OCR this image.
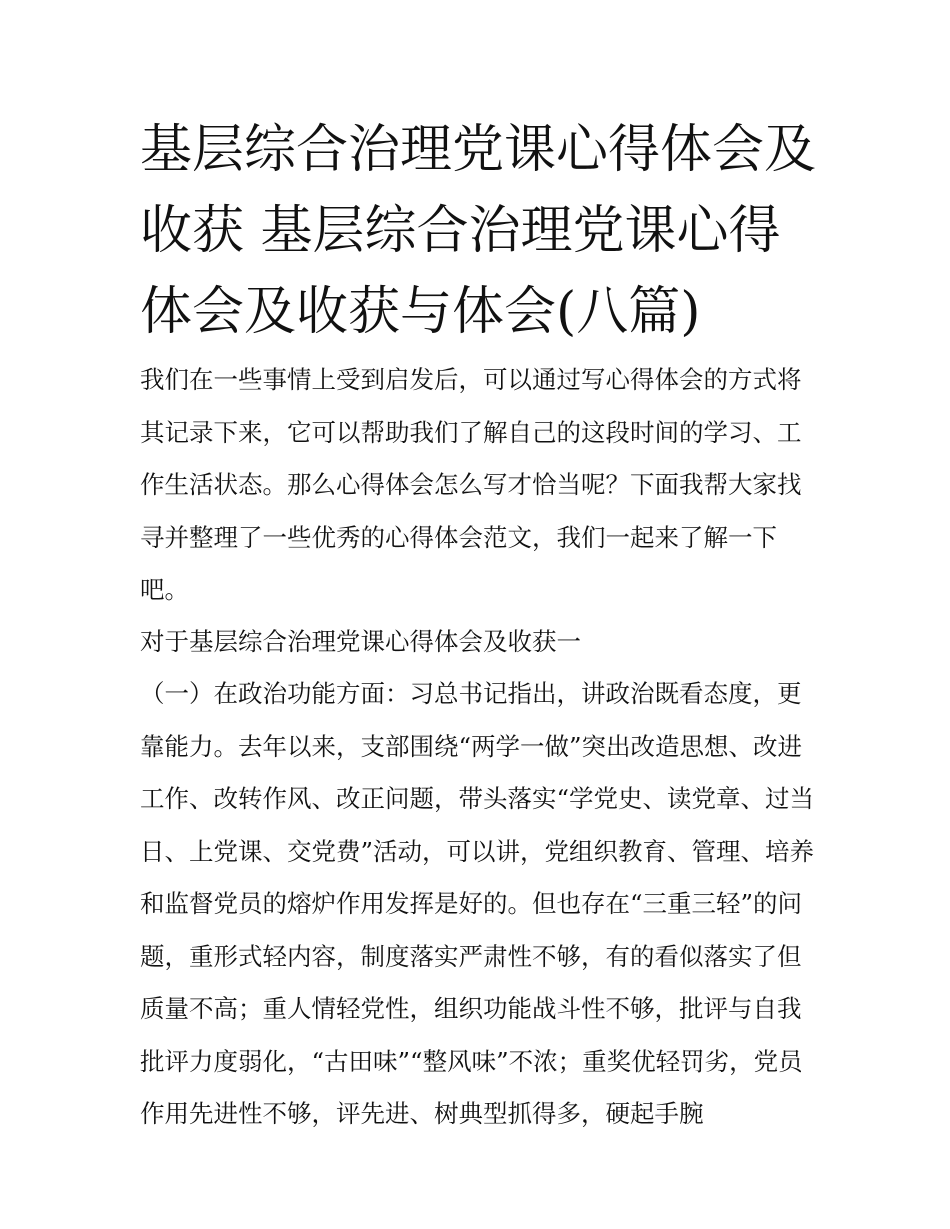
基层综合治理党课心得体会及收获 基层综合治理党课心得体会及收获与体会(八篇)

我们在一些事情上受到启发后，可以通过写心得体会的方式将其记录下来，它可以帮助我们了解自己的这段时间的学习、工作生活状态。那么心得体会怎么写才恰当呢？下面我帮大家找寻并整理了一些优秀的心得体会范文，我们一起来了解一下吧。

对于基层综合治理党课心得体会及收获一

（一）在政治功能方面：习总书记指出，讲政治既看态度，更靠能力。去年以来，支部围绕“两学一做”突出改造思想、改进工作、改转作风、改正问题，带头落实“学党史、读党章、过当日、上党课、交党费”活动，可以讲，党组织教育、管理、培养和监督党员的熔炉作用发挥是好的。但也存在“三重三轻”的问题，重形式轻内容，制度落实严肃性不够，有的看似落实了但质量不高；重人情轻党性，组织功能战斗性不够，批评与自我批评力度弱化，“古田味”“整风味”不浓；重奖优轻罚劣，党员作用先进性不够，评先进、树典型抓得多，硬起手腕
